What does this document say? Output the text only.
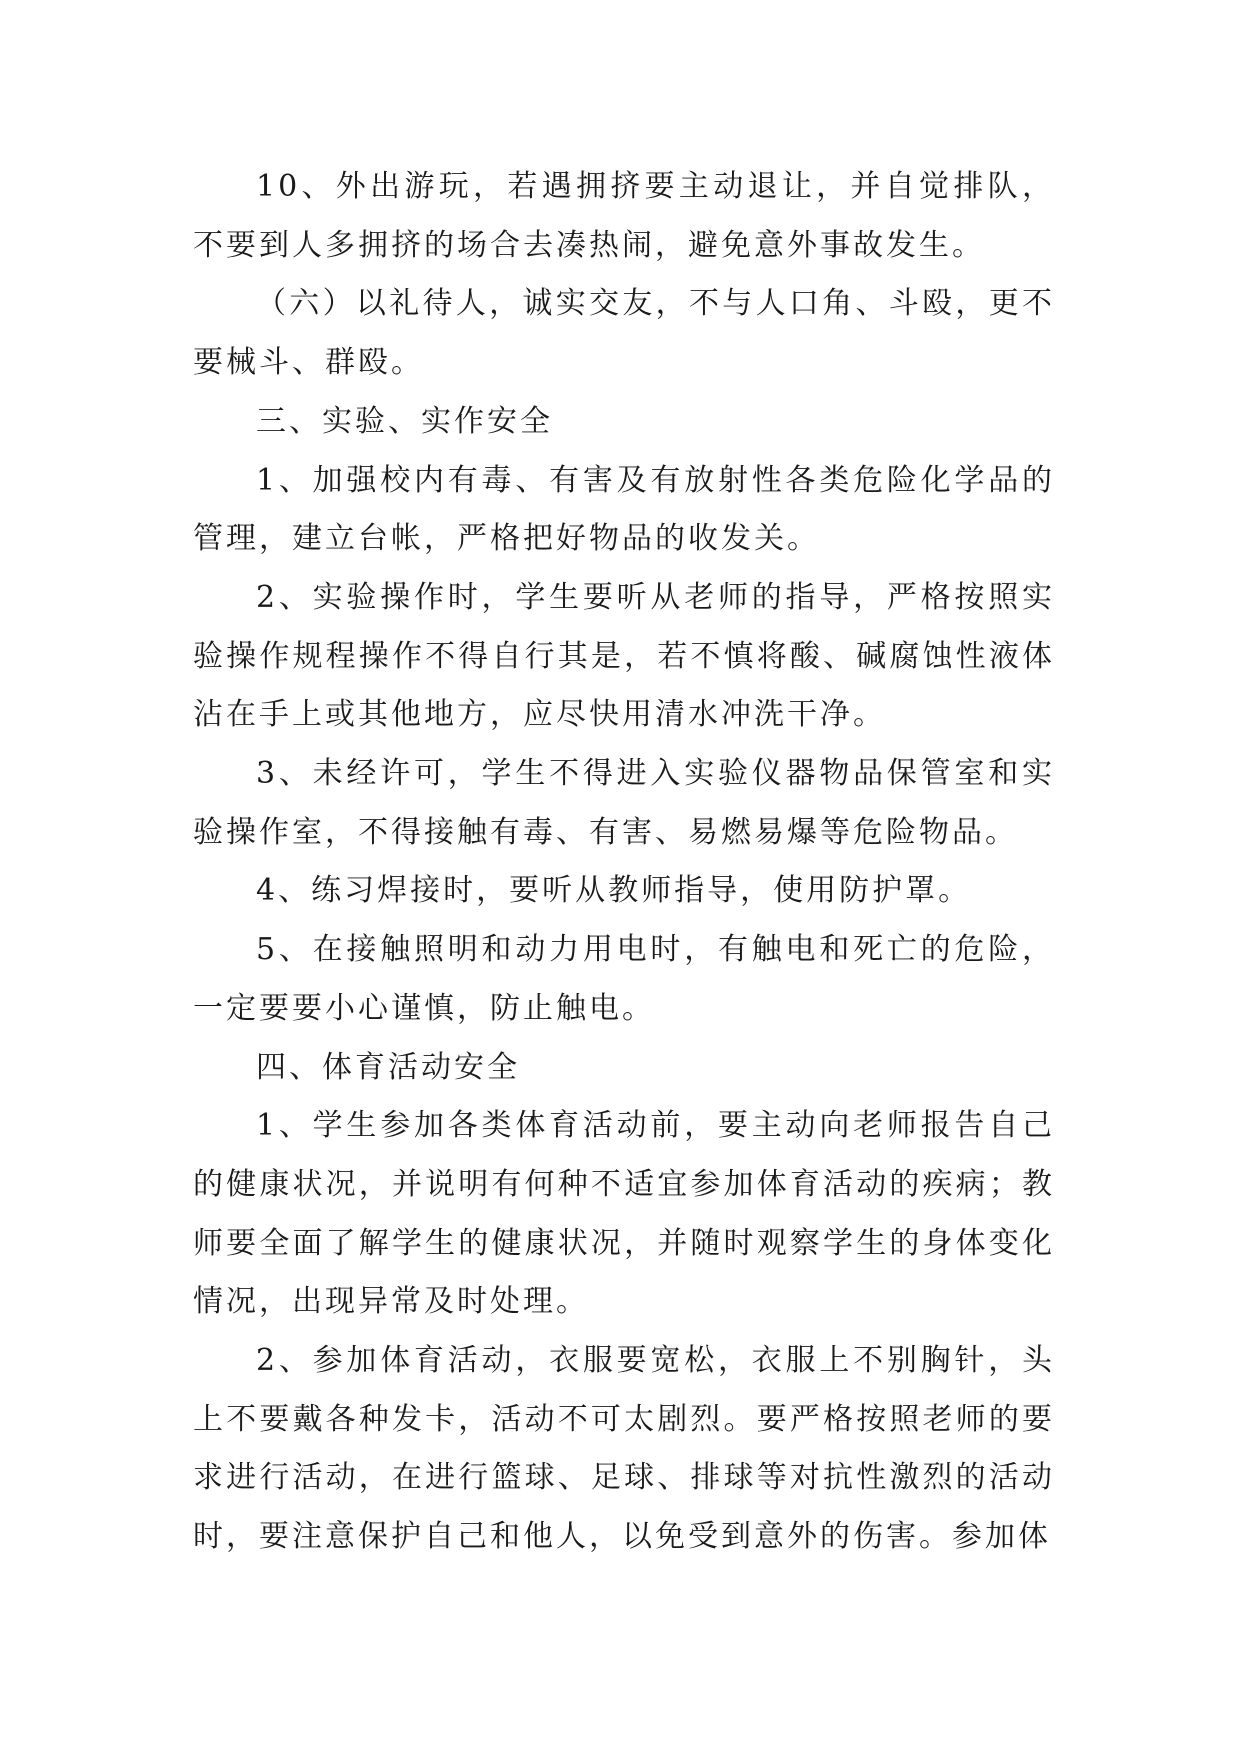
10、外出游玩，若遇拥挤要主动退让，并自觉排队，不要到人多拥挤的场合去凑热闹，避免意外事故发生。

（六）以礼待人，诚实交友，不与人口角、斗殴，更不要械斗、群殴。

三、实验、实作安全

1、加强校内有毒、有害及有放射性各类危险化学品的管理，建立台帐，严格把好物品的收发关。

2、实验操作时，学生要听从老师的指导，严格按照实验操作规程操作不得自行其是，若不慎将酸、碱腐蚀性液体沾在手上或其他地方，应尽快用清水冲洗干净。

3、未经许可，学生不得进入实验仪器物品保管室和实验操作室，不得接触有毒、有害、易燃易爆等危险物品。

4、练习焊接时，要听从教师指导，使用防护罩。

5、在接触照明和动力用电时，有触电和死亡的危险，一定要要小心谨慎，防止触电。

四、体育活动安全

1、学生参加各类体育活动前，要主动向老师报告自己的健康状况，并说明有何种不适宜参加体育活动的疾病；教师要全面了解学生的健康状况，并随时观察学生的身体变化情况，出现异常及时处理。

2、参加体育活动，衣服要宽松，衣服上不别胸针，头上不要戴各种发卡，活动不可太剧烈。要严格按照老师的要求进行活动，在进行篮球、足球、排球等对抗性激烈的活动时，要注意保护自己和他人，以免受到意外的伤害。参加体
